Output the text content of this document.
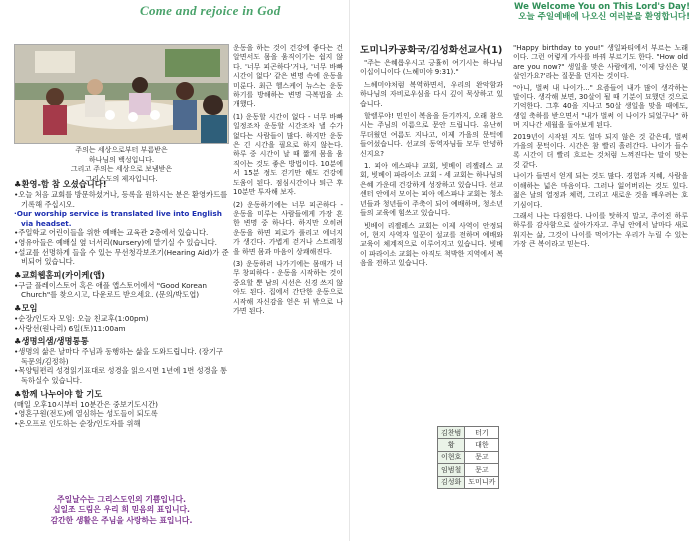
Come and rejoice in God	We Welcome You on This Lord's Day!
오늘 주일예배에 나오신 여러분을 환영합니다!
주의는 세상으로부터 부름받은
하나님의 백성입니다.
그리고 주의는 세상으로 보냄받은
그리스도의 제자입니다.
♣환영-함 참 오셨습니다!
•오늘 처음 교회를 방문하셨거나, 등록을 원하시는 분은 환영카드를 기록해 주십시오.
·Our worship service is translated live into English via headset.
•주일학교 어린이들을 위한 예배는 교육관 2층에서 있습니다.
•영유아들은 예배실 옆 너서리(Nursery)에 맡기실 수 있습니다.
•설교를 선명하게 들을 수 있는 무선청각보조기(Hearing Aid)가 준비되어 있습니다.
♣교회웹홈피(카이케(앱)
•구글 플레이스토어 혹은 애플 앱스토어에서 "Good Korean Church"를 찾으시고, 다운로드 받으세요. (문의/박도엽)
♣모임
•순장/인도자 모임: 오늘 친교후(1:00pm)
•사랑선(원나리) 6일(토)11:00am
♣생명의샘/생명통통
•생명의 삶은 날마다 주님과 동행하는 삶을 도와드립니다. (장기구독문의/김정하)
•목양팀편리 성경읽기표대로 성경을 읽으시면 1년에 1번 성경을 통독하실수 있습니다.
♣함께 나누어야 할 기도
(매일 오후10시부터 10분간은 중보기도시간)
•영혼구원(전도)에 열심하는 성도들이 되도록
•온오프로 인도하는 순장/인도자를 위해
주일날수는 그리스도인의 기쁨입니다.
십일조 드림은 우리 희 믿음의 표입니다.
감간한 생활은 주님을 사랑하는 표입니다.

운동을 하는 것이 건강에 좋다는 건 알면서도 몸을 움직이기는 쉽지 않다. '너무 피곤하다'거나, '너무 바빠 시간이 없다' 같은 변명 속에 운동을 미룬다. 최근 헬스케어 뉴스는 운동하기를 방해하는 변명 극복법을 소개했다.

(1) 운동할 시간이 없다 - 너무 바빠 일정조차 운동할 시간조차 낼 수가 없다는 사람들이 많다. 하지만 운동은 긴 시간을 필요로 하지 않는다. 하루 중 시간이 날 때 짧게 몸을 움직이는 것도 좋은 방법이다. 10분에서 15분 정도 걷기만 해도 건강에 도움이 된다. 점심시간이나 퇴근 후 10분만 투자해 보자.

(2) 운동하기에는 너무 피곤하다 - 운동을 미루는 사람들에게 가장 흔한 변명 중 하나다. 하지만 오히려 운동을 하면 피로가 풀리고 에너지가 생긴다. 가볍게 걷거나 스트레칭을 하면 몸과 마음이 상쾌해진다.

(3) 운동하러 나가기에는 몸매가 너무 창피하다 - 운동을 시작하는 것이 중요할 뿐 남의 시선은 신경 쓰지 않아도 된다. 집에서 간단한 운동으로 시작해 자신감을 얻은 뒤 밖으로 나가면 된다.

도미니카공화국/김성화선교사(1)

"주는 은혜롭우시고 긍휼히 여기시는 하나님이십이니이다 (느헤미야 9:31)."

느헤미야처럼 복역하면서, 우리의 완악함과 하나님의 자비로우심을 다시 깊이 묵상하고 있습니다.

할렐루야! 민인이 복음을 듣기까지, 오래 참으시는 주님의 이름으로 문안 드립니다. 유난히 무더웠던 여름도 지나고, 이제 가을의 문턱에 들어섰습니다. 선교의 동역자님들 모두 안녕하신지요?

1. 피아 에스파냐 교회, 빗베이 리젤레스 교회, 빗베이 파라이소 교회 - 세 교회는 하나님의 은혜 가운데 건강하게 성장하고 있습니다. 선교 센터 안에서 모이는 피아 에스파냐 교회는 청소년들과 청년들이 주축이 되어 예배하며, 청소년들의 교육에 힘쓰고 있습니다.

빗베이 리젤레스 교회는 이제 사역이 안정되어, 현지 사역자 일꾼이 설교를 전하며 예배와 교육이 체계적으로 이루어지고 있습니다. 빗베이 파라이소 교회는 아직도 척박한 지역에서 복음을 전하고 있습니다.

김찬범	터기
황	대한
이현호	문고
임범철	문고
김성화	도미니카

"Happy birthday to you!" 생일파티에서 부르는 노래이다. 그런 어렇게 가사를 바꿔 부르기도 한다. "How old are you now?" 생일을 맞은 사람에게, '이제 당신은 몇 살인가요?'라는 질문을 던지는 것이다.

"아니, 벌써 내 나이가..." 요즘들어 내가 많이 생각하는 말이다. 생각해 보면, 30살이 될 때 기분이 묘했던 것으로 기억한다. 그후 40을 지나고 50살 생일을 맞을 때에도, 생일 축하를 받으면서 "내가 벌써 이 나이가 되었구나" 하며 지나간 세월을 돌아보게 된다.

2019년이 시작된 지도 얼마 되지 않은 것 같은데, 벌써 가을의 문턱이다. 시간은 참 빨리 흘러간다. 나이가 들수록 시간이 더 빨리 흐르는 것처럼 느껴진다는 말이 맞는 것 같다.

나이가 들면서 얻게 되는 것도 많다. 경험과 지혜, 사람을 이해하는 넓은 마음이다. 그러나 잃어버리는 것도 있다. 젊은 날의 열정과 체력, 그리고 새로운 것을 배우려는 호기심이다.

그래서 나는 다짐한다. 나이를 탓하지 말고, 주어진 하루하루를 감사함으로 살아가자고. 주님 안에서 날마다 새로워지는 삶, 그것이 나이를 먹어가는 우리가 누릴 수 있는 가장 큰 복이라고 믿는다.
